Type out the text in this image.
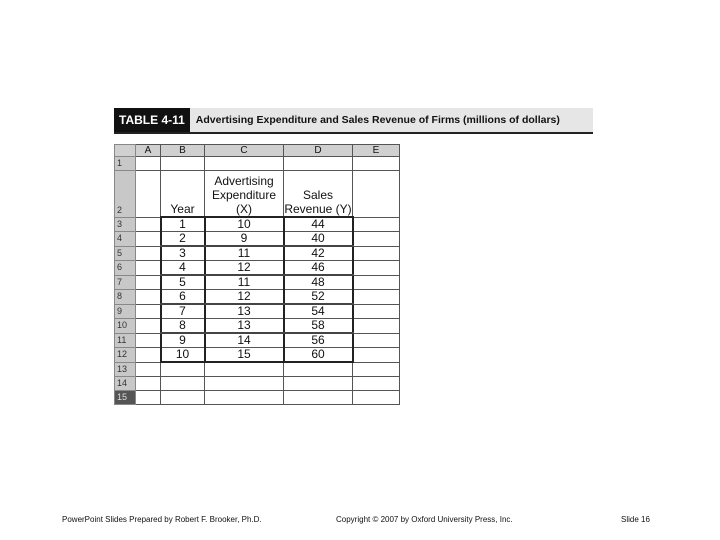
TABLE 4-11	Advertising Expenditure and Sales Revenue of Firms (millions of dollars)
	A	B	C	D	E
1					
2		Year	Advertising Expenditure (X)	Sales Revenue (Y)	
3		1	10	44	
4		2	9	40	
5		3	11	42	
6		4	12	46	
7		5	11	48	
8		6	12	52	
9		7	13	54	
10		8	13	58	
11		9	14	56	
12		10	15	60	
13					
14					
15					
PowerPoint Slides Prepared by Robert F. Brooker, Ph.D.	Copyright © 2007 by Oxford University Press, Inc.	Slide 16
